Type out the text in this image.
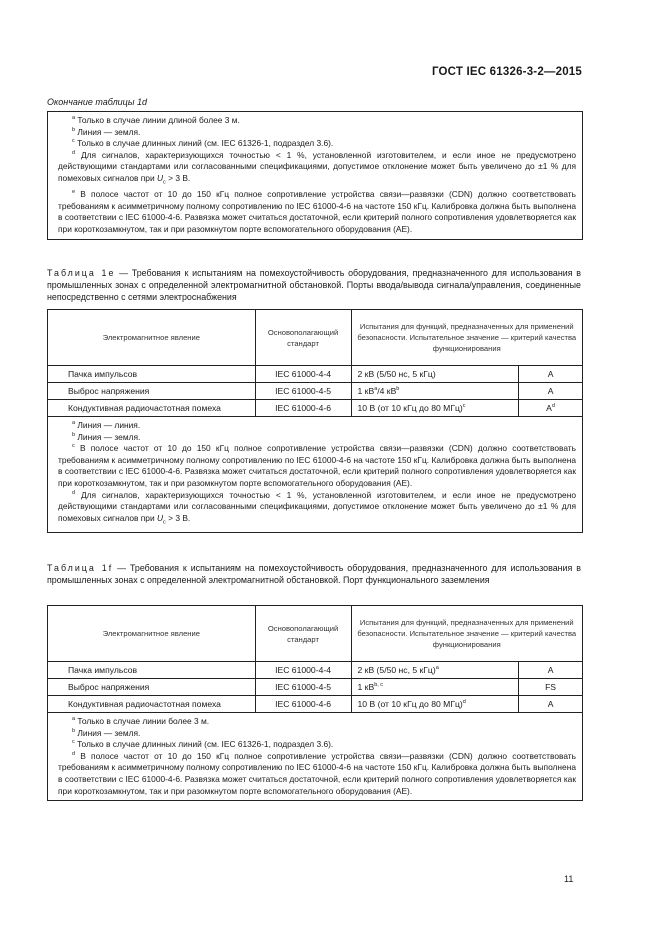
ГОСТ IEC 61326-3-2—2015
Окончание таблицы 1d
$^a$ Только в случае линии длиной более 3 м.
$^b$ Линия — земля.
$^c$ Только в случае длинных линий (см. IEC 61326-1, подраздел 3.6).
$^d$ Для сигналов, характеризующихся точностью < 1 %, установленной изготовителем, и если иное не предусмотрено действующими стандартами или согласованными спецификациями, допустимое отклонение может быть увеличено до ±1 % для помеховых сигналов при $U_c > 3$ В.
$^e$ В полосе частот от 10 до 150 кГц полное сопротивление устройства связи—развязки (CDN) должно соответствовать требованиям к асимметричному полному сопротивлению по IEC 61000-4-6 на частоте 150 кГц. Калибровка должна быть выполнена в соответствии с IEC 61000-4-6. Развязка может считаться достаточной, если критерий полного сопротивления удовлетворяется как при короткозамкнутом, так и при разомкнутом порте вспомогательного оборудования (AE).
Таблица 1е — Требования к испытаниям на помехоустойчивость оборудования, предназначенного для использования в промышленных зонах с определенной электромагнитной обстановкой. Порты ввода/вывода сигнала/управления, соединенные непосредственно с сетями электроснабжения
Электромагнитное явление	Основополагающий стандарт	Испытания для функций, предназначенных для применений безопасности. Испытательное значение — критерий качества функционирования	
Пачка импульсов	IEC 61000-4-4	2 кВ (5/50 нс, 5 кГц)	A
Выброс напряжения	IEC 61000-4-5	1 $кВ^a/4$ $кВ^b$	A
Кондуктивная радиочастотная помеха	IEC 61000-4-6	10 В (от 10 кГц до 80 МГц)$^c$	$A^d$

$^a$ Линия — линия.
$^b$ Линия — земля.
$^c$ В полосе частот от 10 до 150 кГц полное сопротивление устройства связи—развязки (CDN) должно соответствовать требованиям к асимметричному полному сопротивлению по IEC 61000-4-6 на частоте 150 кГц. Калибровка должна быть выполнена в соответствии с IEC 61000-4-6. Развязка может считаться достаточной, если критерий полного сопротивления удовлетворяется как при короткозамкнутом, так и при разомкнутом порте вспомогательного оборудования (AE).
$^d$ Для сигналов, характеризующихся точностью < 1 %, установленной изготовителем, и если иное не предусмотрено действующими стандартами или согласованными спецификациями, допустимое отклонение может быть увеличено до ±1 % для помеховых сигналов при $U_c > 3$ В.			
Таблица 1f — Требования к испытаниям на помехоустойчивость оборудования, предназначенного для использования в промышленных зонах с определенной электромагнитной обстановкой. Порт функционального заземления
Электромагнитное явление	Основополагающий стандарт	Испытания для функций, предназначенных для применений безопасности. Испытательное значение — критерий качества функционирования	
Пачка импульсов	IEC 61000-4-4	2 кВ (5/50 нс, 5 кГц)$^a$	A
Выброс напряжения	IEC 61000-4-5	1 кВ$^{b, c}$	FS
Кондуктивная радиочастотная помеха	IEC 61000-4-6	10 В (от 10 кГц до 80 МГц)$^d$	A

$^a$ Только в случае линии более 3 м.
$^b$ Линия — земля.
$^c$ Только в случае длинных линий (см. IEC 61326-1, подраздел 3.6).
$^d$ В полосе частот от 10 до 150 кГц полное сопротивление устройства связи—развязки (CDN) должно соответствовать требованиям к асимметричному полному сопротивлению по IEC 61000-4-6 на частоте 150 кГц. Калибровка должна быть выполнена в соответствии с IEC 61000-4-6. Развязка может считаться достаточной, если критерий полного сопротивления удовлетворяется как при короткозамкнутом, так и при разомкнутом порте вспомогательного оборудования (AE).			
11
